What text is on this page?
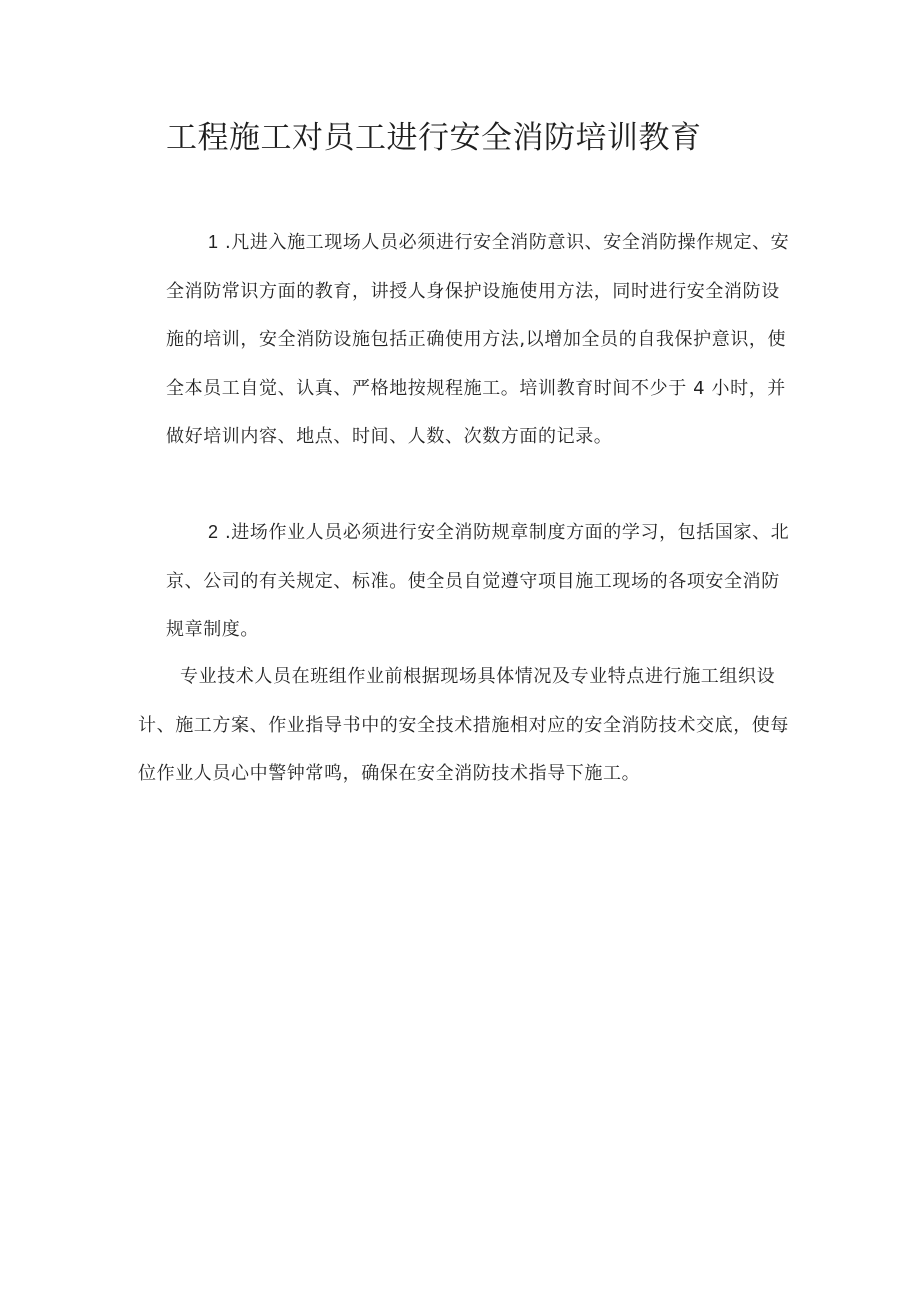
工程施工对员工进行安全消防培训教育

1 .凡进入施工现场人员必须进行安全消防意识、安全消防操作规定、安全消防常识方面的教育，讲授人身保护设施使用方法，同时进行安全消防设施的培训，安全消防设施包括正确使用方法,以增加全员的自我保护意识，使全本员工自觉、认真、严格地按规程施工。培训教育时间不少于 4 小时，并做好培训内容、地点、时间、人数、次数方面的记录。

2 .进场作业人员必须进行安全消防规章制度方面的学习，包括国家、北京、公司的有关规定、标准。使全员自觉遵守项目施工现场的各项安全消防规章制度。

专业技术人员在班组作业前根据现场具体情况及专业特点进行施工组织设计、施工方案、作业指导书中的安全技术措施相对应的安全消防技术交底，使每位作业人员心中警钟常鸣，确保在安全消防技术指导下施工。
